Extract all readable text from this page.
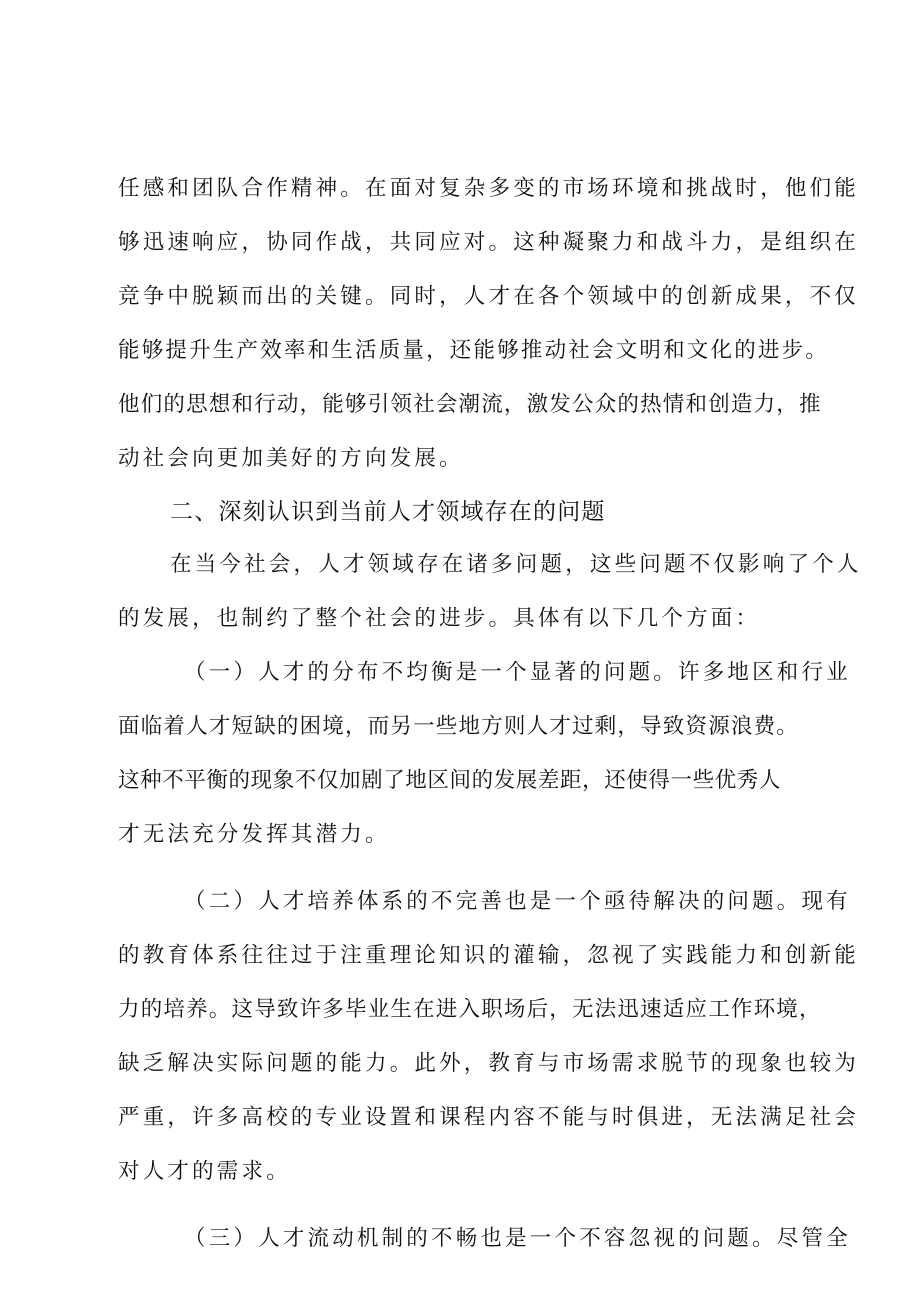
任感和团队合作精神。在面对复杂多变的市场环境和挑战时，他们能
够迅速响应，协同作战，共同应对。这种凝聚力和战斗力，是组织在
竞争中脱颖而出的关键。同时，人才在各个领域中的创新成果，不仅
能够提升生产效率和生活质量，还能够推动社会文明和文化的进步。
他们的思想和行动，能够引领社会潮流，激发公众的热情和创造力，推
动社会向更加美好的方向发展。
二、深刻认识到当前人才领域存在的问题
在当今社会，人才领域存在诸多问题，这些问题不仅影响了个人
的发展，也制约了整个社会的进步。具体有以下几个方面：
（一）人才的分布不均衡是一个显著的问题。许多地区和行业
面临着人才短缺的困境，而另一些地方则人才过剩，导致资源浪费。
这种不平衡的现象不仅加剧了地区间的发展差距，还使得一些优秀人
才无法充分发挥其潜力。
（二）人才培养体系的不完善也是一个亟待解决的问题。现有
的教育体系往往过于注重理论知识的灌输，忽视了实践能力和创新能
力的培养。这导致许多毕业生在进入职场后，无法迅速适应工作环境，
缺乏解决实际问题的能力。此外，教育与市场需求脱节的现象也较为
严重，许多高校的专业设置和课程内容不能与时俱进，无法满足社会
对人才的需求。
（三）人才流动机制的不畅也是一个不容忽视的问题。尽管全
